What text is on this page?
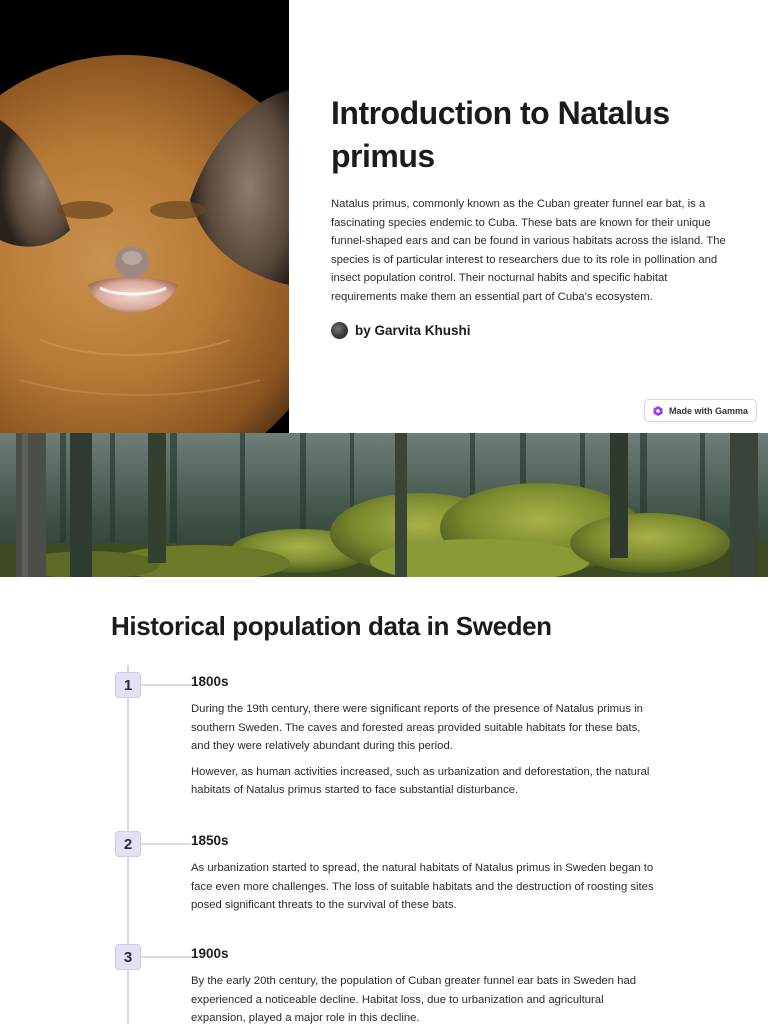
Introduction to Natalus primus

Natalus primus, commonly known as the Cuban greater funnel ear bat, is a fascinating species endemic to Cuba. These bats are known for their unique funnel-shaped ears and can be found in various habitats across the island. The species is of particular interest to researchers due to its role in pollination and insect population control. Their nocturnal habits and specific habitat requirements make them an essential part of Cuba's ecosystem.

by Garvita Khushi
Made with Gamma
Historical population data in Sweden
1	1800s

During the 19th century, there were significant reports of the presence of Natalus primus in southern Sweden. The caves and forested areas provided suitable habitats for these bats, and they were relatively abundant during this period.

However, as human activities increased, such as urbanization and deforestation, the natural habitats of Natalus primus started to face substantial disturbance.

2	1850s

As urbanization started to spread, the natural habitats of Natalus primus in Sweden began to face even more challenges. The loss of suitable habitats and the destruction of roosting sites posed significant threats to the survival of these bats.

3	1900s

By the early 20th century, the population of Cuban greater funnel ear bats in Sweden had experienced a noticeable decline. Habitat loss, due to urbanization and agricultural expansion, played a major role in this decline.
